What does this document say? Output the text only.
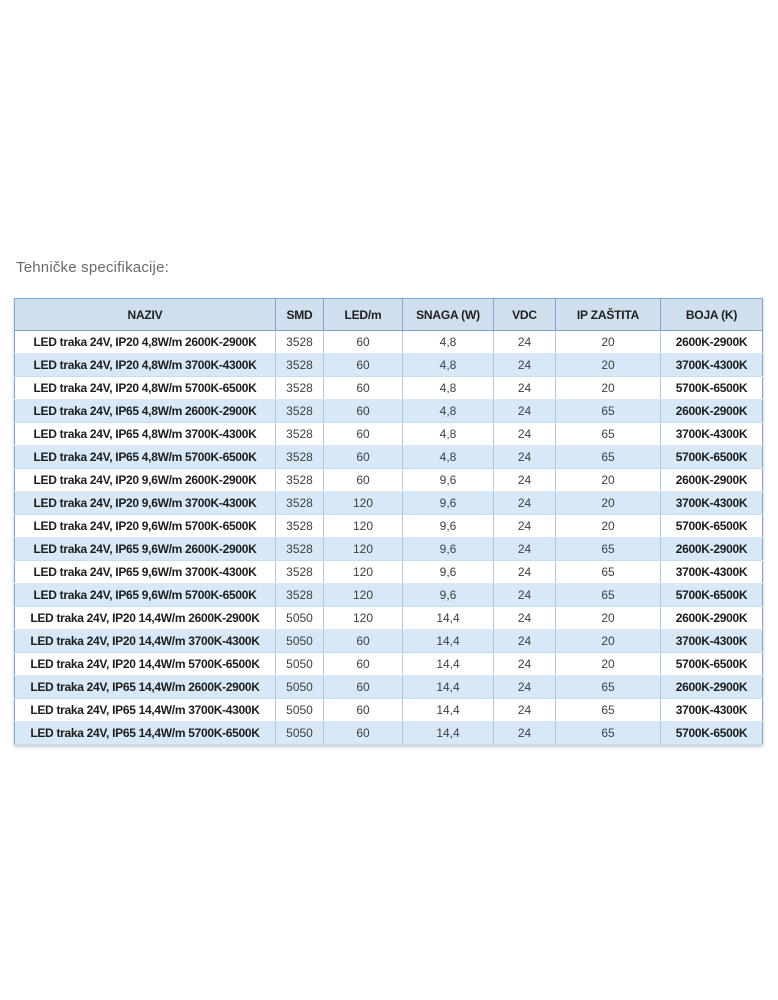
Tehničke specifikacije:
NAZIV	SMD	LED/m	SNAGA (W)	VDC	IP ZAŠTITA	BOJA (K)
LED traka 24V, IP20 4,8W/m 2600K-2900K	3528	60	4,8	24	20	2600K-2900K
LED traka 24V, IP20 4,8W/m 3700K-4300K	3528	60	4,8	24	20	3700K-4300K
LED traka 24V, IP20 4,8W/m 5700K-6500K	3528	60	4,8	24	20	5700K-6500K
LED traka 24V, IP65 4,8W/m 2600K-2900K	3528	60	4,8	24	65	2600K-2900K
LED traka 24V, IP65 4,8W/m 3700K-4300K	3528	60	4,8	24	65	3700K-4300K
LED traka 24V, IP65 4,8W/m 5700K-6500K	3528	60	4,8	24	65	5700K-6500K
LED traka 24V, IP20 9,6W/m 2600K-2900K	3528	60	9,6	24	20	2600K-2900K
LED traka 24V, IP20 9,6W/m 3700K-4300K	3528	120	9,6	24	20	3700K-4300K
LED traka 24V, IP20 9,6W/m 5700K-6500K	3528	120	9,6	24	20	5700K-6500K
LED traka 24V, IP65 9,6W/m 2600K-2900K	3528	120	9,6	24	65	2600K-2900K
LED traka 24V, IP65 9,6W/m 3700K-4300K	3528	120	9,6	24	65	3700K-4300K
LED traka 24V, IP65 9,6W/m 5700K-6500K	3528	120	9,6	24	65	5700K-6500K
LED traka 24V, IP20 14,4W/m 2600K-2900K	5050	120	14,4	24	20	2600K-2900K
LED traka 24V, IP20 14,4W/m 3700K-4300K	5050	60	14,4	24	20	3700K-4300K
LED traka 24V, IP20 14,4W/m 5700K-6500K	5050	60	14,4	24	20	5700K-6500K
LED traka 24V, IP65 14,4W/m 2600K-2900K	5050	60	14,4	24	65	2600K-2900K
LED traka 24V, IP65 14,4W/m 3700K-4300K	5050	60	14,4	24	65	3700K-4300K
LED traka 24V, IP65 14,4W/m 5700K-6500K	5050	60	14,4	24	65	5700K-6500K
